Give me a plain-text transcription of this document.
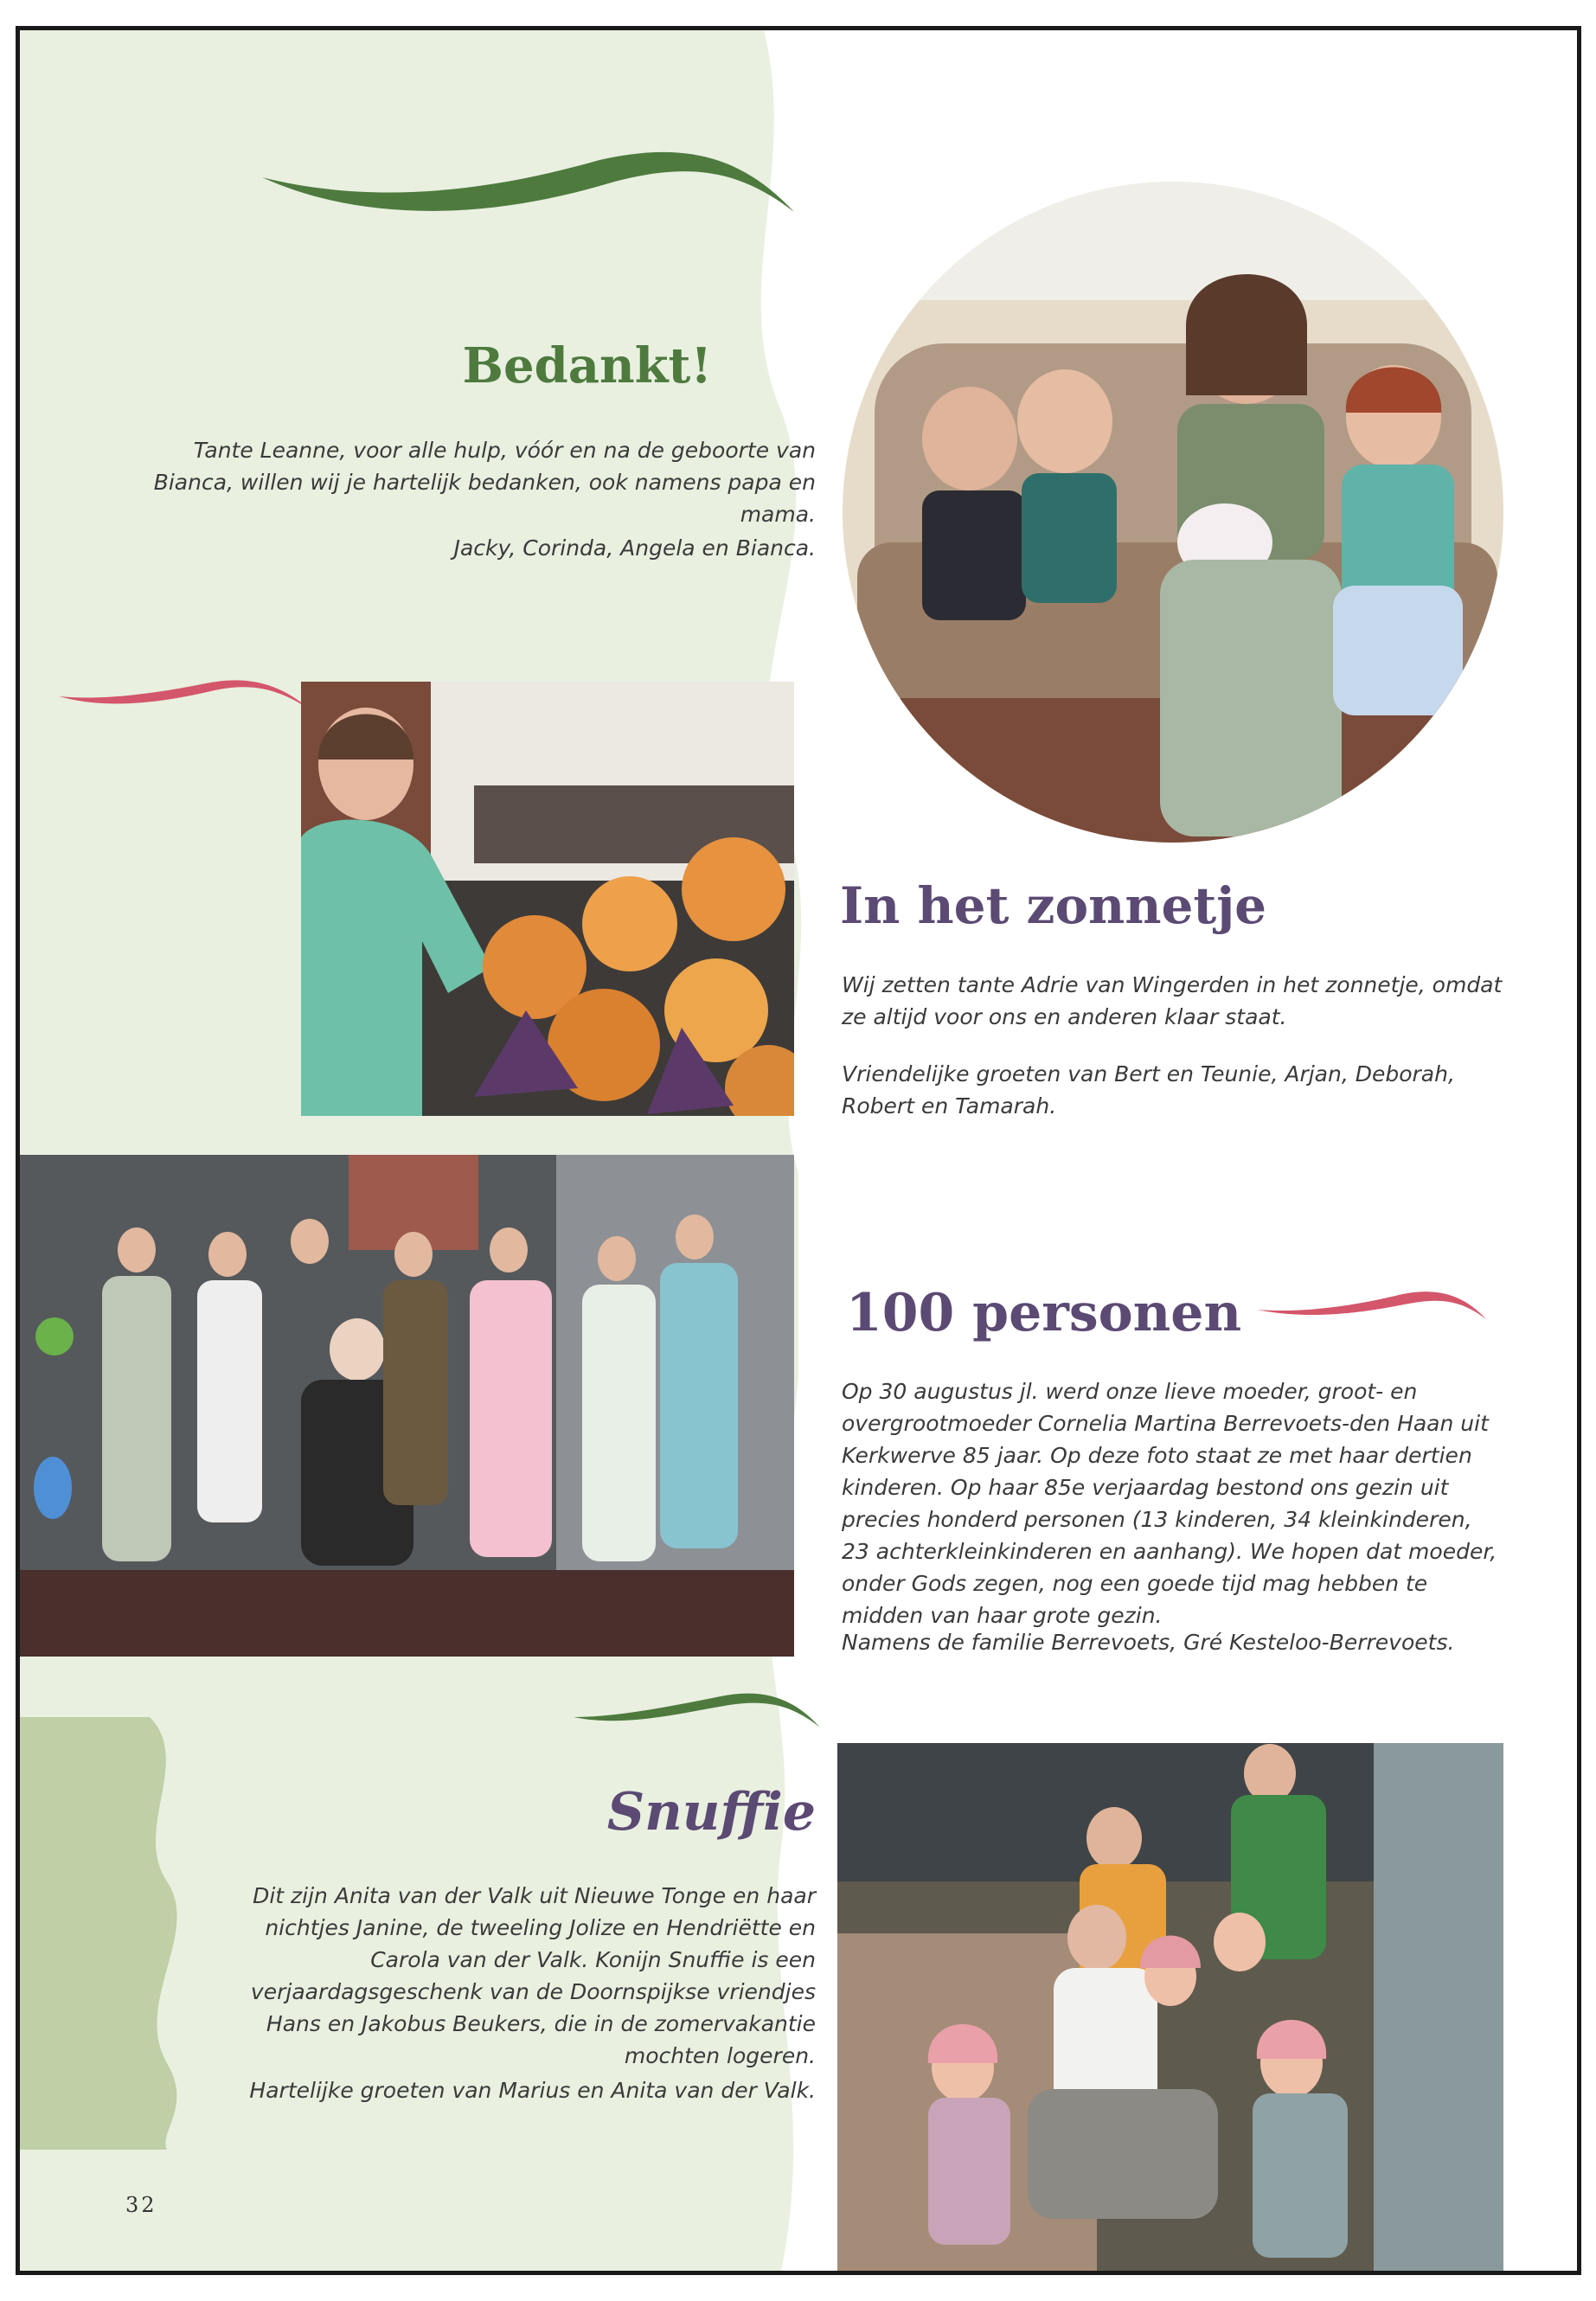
Bedankt!
Tante Leanne, voor alle hulp, vóór en na de geboorte van Bianca, willen wij je hartelijk bedanken, ook namens papa en mama.
Jacky, Corinda, Angela en Bianca.
In het zonnetje
Wij zetten tante Adrie van Wingerden in het zonnetje, omdat ze altijd voor ons en anderen klaar staat.
Vriendelijke groeten van Bert en Teunie, Arjan, Deborah, Robert en Tamarah.
100 personen
Op 30 augustus jl. werd onze lieve moeder, groot- en overgrootmoeder Cornelia Martina Berrevoets-den Haan uit Kerkwerve 85 jaar. Op deze foto staat ze met haar dertien kinderen. Op haar 85e verjaardag bestond ons gezin uit precies honderd personen (13 kinderen, 34 kleinkinderen, 23 achterkleinkinderen en aanhang). We hopen dat moeder, onder Gods zegen, nog een goede tijd mag hebben te midden van haar grote gezin.
Namens de familie Berrevoets, Gré Kesteloo-Berrevoets.
Snuffie
Dit zijn Anita van der Valk uit Nieuwe Tonge en haar nichtjes Janine, de tweeling Jolize en Hendriëtte en Carola van der Valk. Konijn Snuffie is een verjaardagsgeschenk van de Doornspijkse vriendjes Hans en Jakobus Beukers, die in de zomervakantie mochten logeren.
Hartelijke groeten van Marius en Anita van der Valk.
32
